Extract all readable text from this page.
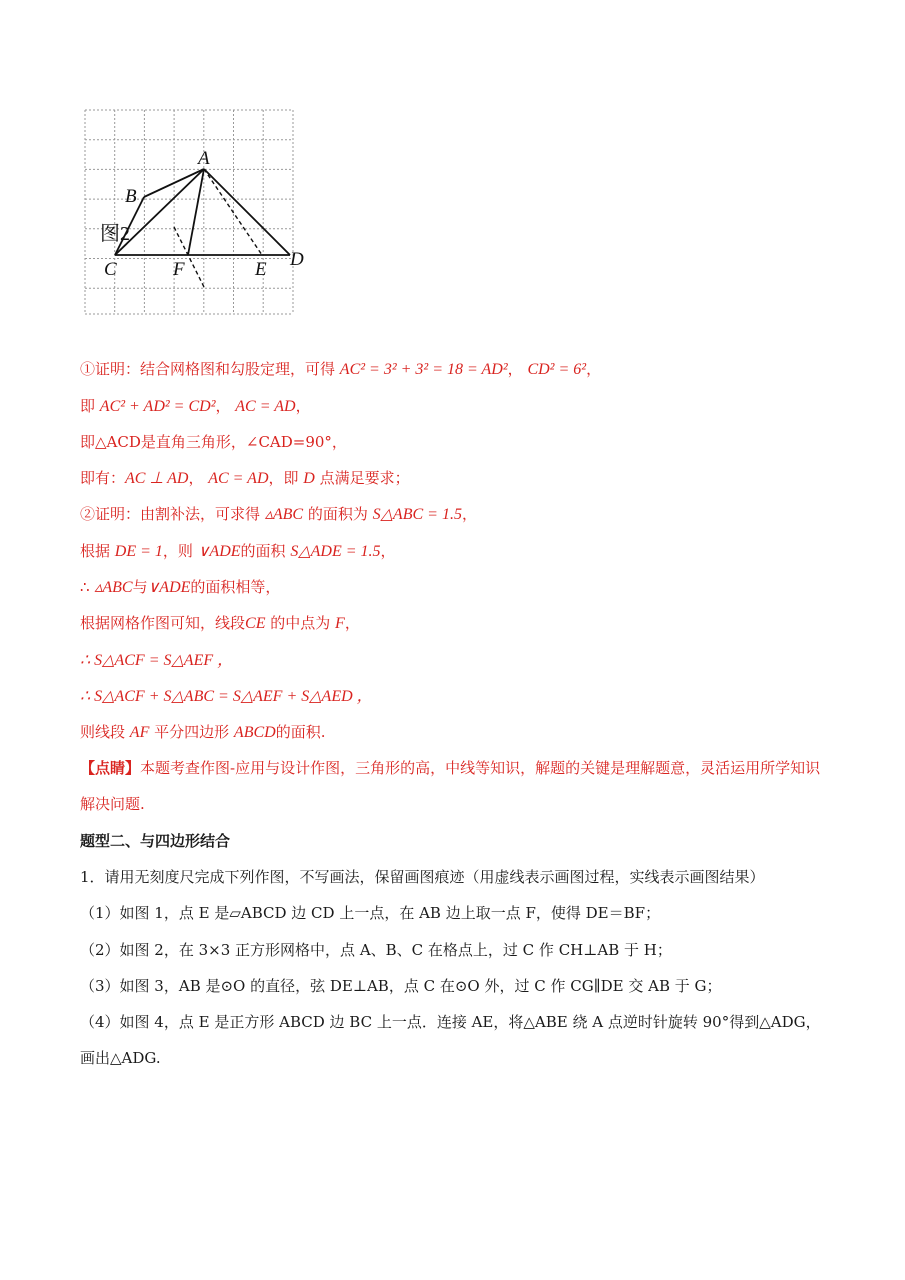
A
B
C	F	E D
图2
①证明：结合网格图和勾股定理，可得 AC² = 3² + 3² = 18 = AD²， CD² = 6²，
即 AC² + AD² = CD²， AC = AD，
即△ACD是直角三角形，∠CAD=90°，
即有：AC ⊥ AD， AC = AD，即 D 点满足要求；
②证明：由割补法，可求得 ▵ABC 的面积为 S△ABC = 1.5，
根据 DE = 1，则 ∨ADE的面积 S△ADE = 1.5，
∴ ▵ABC与∨ADE的面积相等，
根据网格作图可知，线段CE 的中点为 F，
∴ S△ACF = S△AEF ，
∴ S△ACF + S△ABC = S△AEF + S△AED ，
则线段 AF 平分四边形 ABCD的面积.
【点睛】本题考查作图-应用与设计作图，三角形的高，中线等知识，解题的关键是理解题意，灵活运用所学知识解决问题.
题型二、与四边形结合
1．请用无刻度尺完成下列作图，不写画法，保留画图痕迹（用虚线表示画图过程，实线表示画图结果）
（1）如图 1，点 E 是▱ABCD 边 CD 上一点，在 AB 边上取一点 F，使得 DE＝BF；
（2）如图 2，在 3×3 正方形网格中，点 A、B、C 在格点上，过 C 作 CH⊥AB 于 H；
（3）如图 3，AB 是⊙O 的直径，弦 DE⊥AB，点 C 在⊙O 外，过 C 作 CG∥DE 交 AB 于 G；
（4）如图 4，点 E 是正方形 ABCD 边 BC 上一点．连接 AE，将△ABE 绕 A 点逆时针旋转 90°得到△ADG，画出△ADG.
